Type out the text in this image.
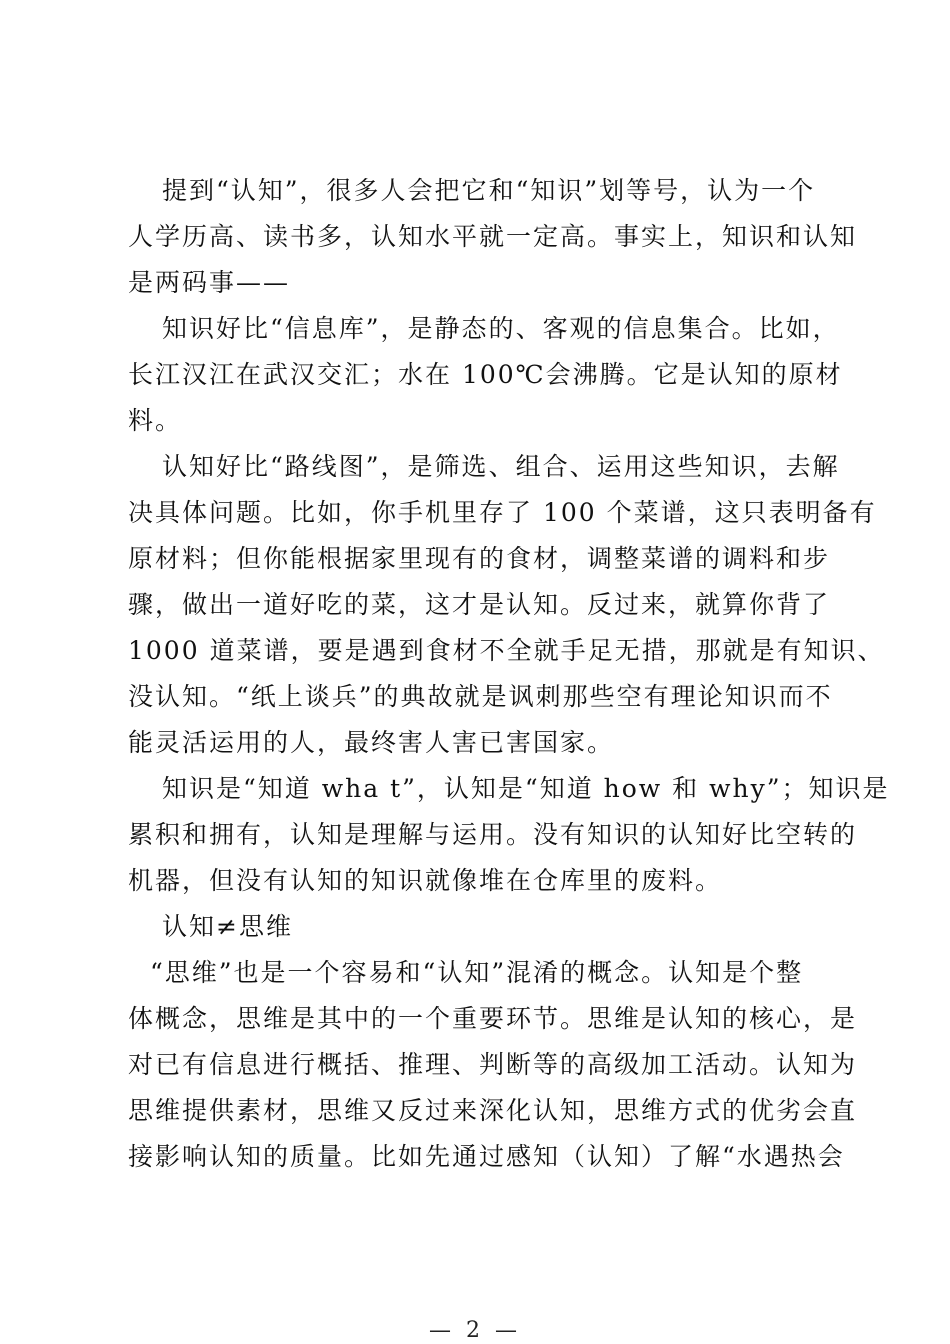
提到“认知”，很多人会把它和“知识”划等号，认为一个
人学历高、读书多，认知水平就一定高。事实上，知识和认知
是两码事——
知识好比“信息库”，是静态的、客观的信息集合。比如，
长江汉江在武汉交汇；水在 100℃会沸腾。它是认知的原材
料。
认知好比“路线图”，是筛选、组合、运用这些知识，去解
决具体问题。比如，你手机里存了 100 个菜谱，这只表明备有
原材料；但你能根据家里现有的食材，调整菜谱的调料和步
骤，做出一道好吃的菜，这才是认知。反过来，就算你背了
1000 道菜谱，要是遇到食材不全就手足无措，那就是有知识、
没认知。“纸上谈兵”的典故就是讽刺那些空有理论知识而不
能灵活运用的人，最终害人害已害国家。
知识是“知道 wha t”，认知是“知道 how 和 why”；知识是
累积和拥有，认知是理解与运用。没有知识的认知好比空转的
机器，但没有认知的知识就像堆在仓库里的废料。
认知≠思维
“思维”也是一个容易和“认知”混淆的概念。认知是个整
体概念，思维是其中的一个重要环节。思维是认知的核心，是
对已有信息进行概括、推理、判断等的高级加工活动。认知为
思维提供素材，思维又反过来深化认知，思维方式的优劣会直
接影响认知的质量。比如先通过感知（认知）了解“水遇热会
— 2 —
